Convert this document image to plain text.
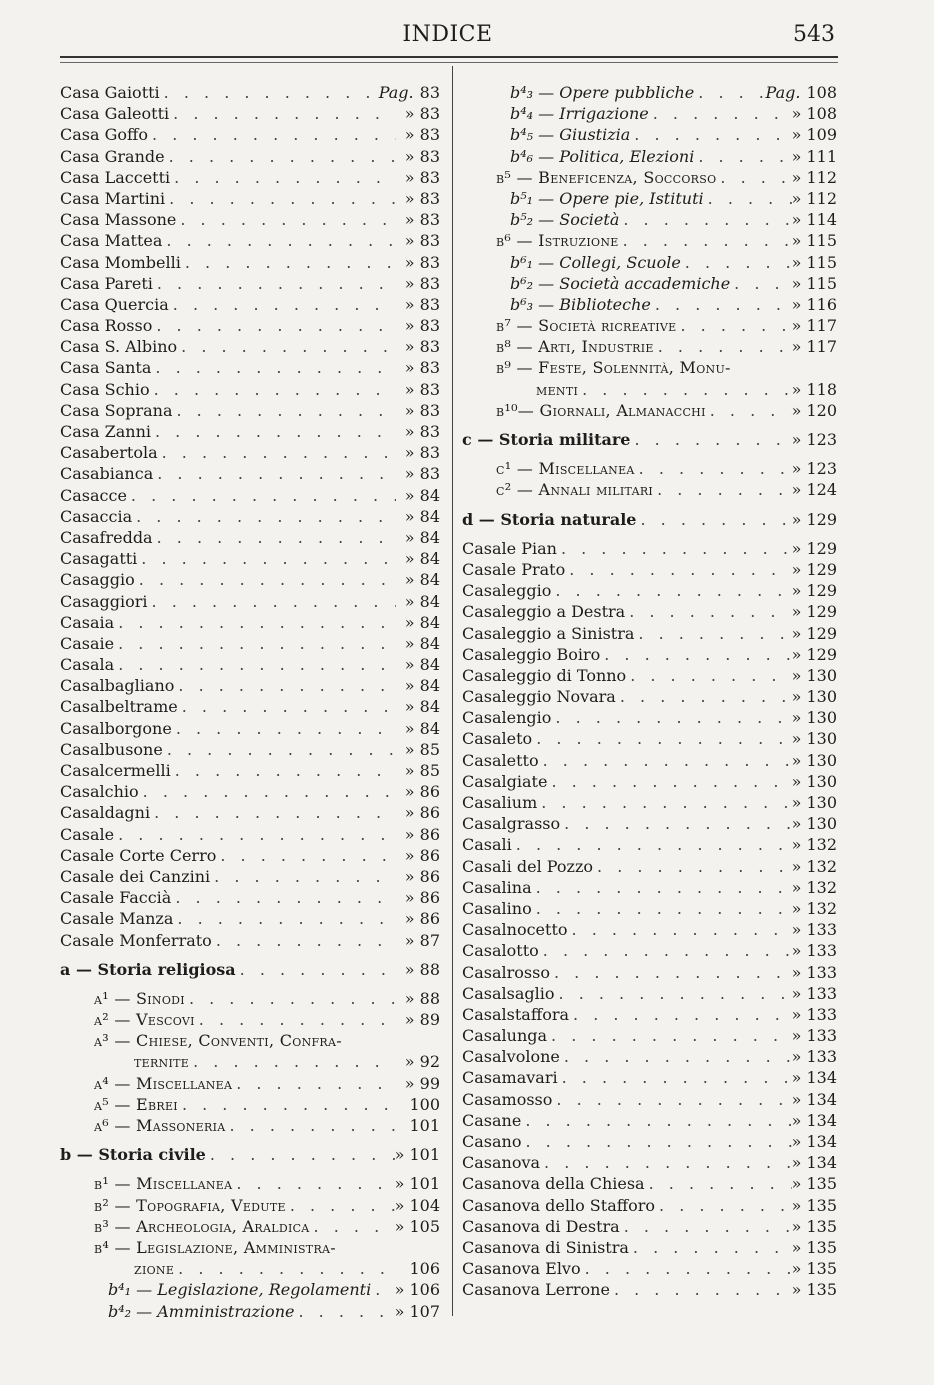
INDICE	543
Casa Gaiotti . . .	Pag. 83
Casa Galeotti . . .	» 83
Casa Goffo . . .	» 83
Casa Grande . . .	» 83
Casa Laccetti . . .	» 83
Casa Martini . . .	» 83
Casa Massone . . .	» 83
Casa Mattea . . .	» 83
Casa Mombelli . . .	» 83
Casa Pareti . . .	» 83
Casa Quercia . . .	» 83
Casa Rosso . . .	» 83
Casa S. Albino . . .	» 83
Casa Santa . . .	» 83
Casa Schio . . .	» 83
Casa Soprana . . .	» 83
Casa Zanni . . .	» 83
Casabertola . . .	» 83
Casabianca . . .	» 83
Casacce . . .	» 84
Casaccia . . .	» 84
Casafredda . . .	» 84
Casagatti . . .	» 84
Casaggio . . .	» 84
Casaggiori . . .	» 84
Casaia . . .	» 84
Casaie . . .	» 84
Casala . . .	» 84
Casalbagliano . . .	» 84
Casalbeltrame . . .	» 84
Casalborgone . . .	» 84
Casalbusone . . .	» 85
Casalcermelli . . .	» 85
Casalchio . . .	» 86
Casaldagni . . .	» 86
Casale . . .	» 86
Casale Corte Cerro . . .	» 86
Casale dei Canzini . . .	» 86
Casale Faccià . . .	» 86
Casale Manza . . .	» 86
Casale Monferrato . . .	» 87
a — Storia religiosa . . .	» 88
a¹ — Sinodi . . .	» 88
a² — Vescovi . . .	» 89
a³ — Chiese, Conventi, Confra-
ternite . . .	» 92
a⁴ — Miscellanea . . .	» 99
a⁵ — Ebrei . . .	100
a⁶ — Massoneria . . .	101
b — Storia civile . . .	» 101
b¹ — Miscellanea . . .	» 101
b² — Topografia, Vedute . . .	» 104
b³ — Archeologia, Araldica . . .	» 105
b⁴ — Legislazione, Amministra-
zione . . .	106
b⁴₁ — Legislazione, Regolamenti . . . » 106
b⁴₂ — Amministrazione . . .	» 107
b⁴₃ — Opere pubbliche . . .	Pag. 108
b⁴₄ — Irrigazione . . .	» 108
b⁴₅ — Giustizia . . .	» 109
b⁴₆ — Politica, Elezioni . . .	» 111
b⁵ — Beneficenza, Soccorso . . .	» 112
b⁵₁ — Opere pie, Istituti . . .	» 112
b⁵₂ — Società . . .	» 114
b⁶ — Istruzione . . .	» 115
b⁶₁ — Collegi, Scuole . . .	» 115
b⁶₂ — Società accademiche . . .	» 115
b⁶₃ — Biblioteche . . .	» 116
b⁷ — Società ricreative . . .	» 117
b⁸ — Arti, Industrie . . .	» 117
b⁹ — Feste, Solennità, Monu-
menti . . .	» 118
b¹⁰— Giornali, Almanacchi . . .	» 120
c — Storia militare . . .	» 123
c¹ — Miscellanea . . .	» 123
c² — Annali militari . . .	» 124
d — Storia naturale . . .	» 129
Casale Pian . . .	» 129
Casale Prato . . .	» 129
Casaleggio . . .	» 129
Casaleggio a Destra . . .	» 129
Casaleggio a Sinistra . . .	» 129
Casaleggio Boiro . . .	» 129
Casaleggio di Tonno . . .	» 130
Casaleggio Novara . . .	» 130
Casalengio . . .	» 130
Casaleto . . .	» 130
Casaletto . . .	» 130
Casalgiate . . .	» 130
Casalium . . .	» 130
Casalgrasso . . .	» 130
Casali . . .	» 132
Casali del Pozzo . . .	» 132
Casalina . . .	» 132
Casalino . . .	» 132
Casalnocetto . . .	» 133
Casalotto . . .	» 133
Casalrosso . . .	» 133
Casalsaglio . . .	» 133
Casalstaffora . . .	» 133
Casalunga . . .	» 133
Casalvolone . . .	» 133
Casamavari . . .	» 134
Casamosso . . .	» 134
Casane . . .	» 134
Casano . . .	» 134
Casanova . . .	» 134
Casanova della Chiesa . . .	» 135
Casanova dello Stafforo . . .	» 135
Casanova di Destra . . .	» 135
Casanova di Sinistra . . .	» 135
Casanova Elvo . . .	» 135
Casanova Lerrone . . .	» 135
